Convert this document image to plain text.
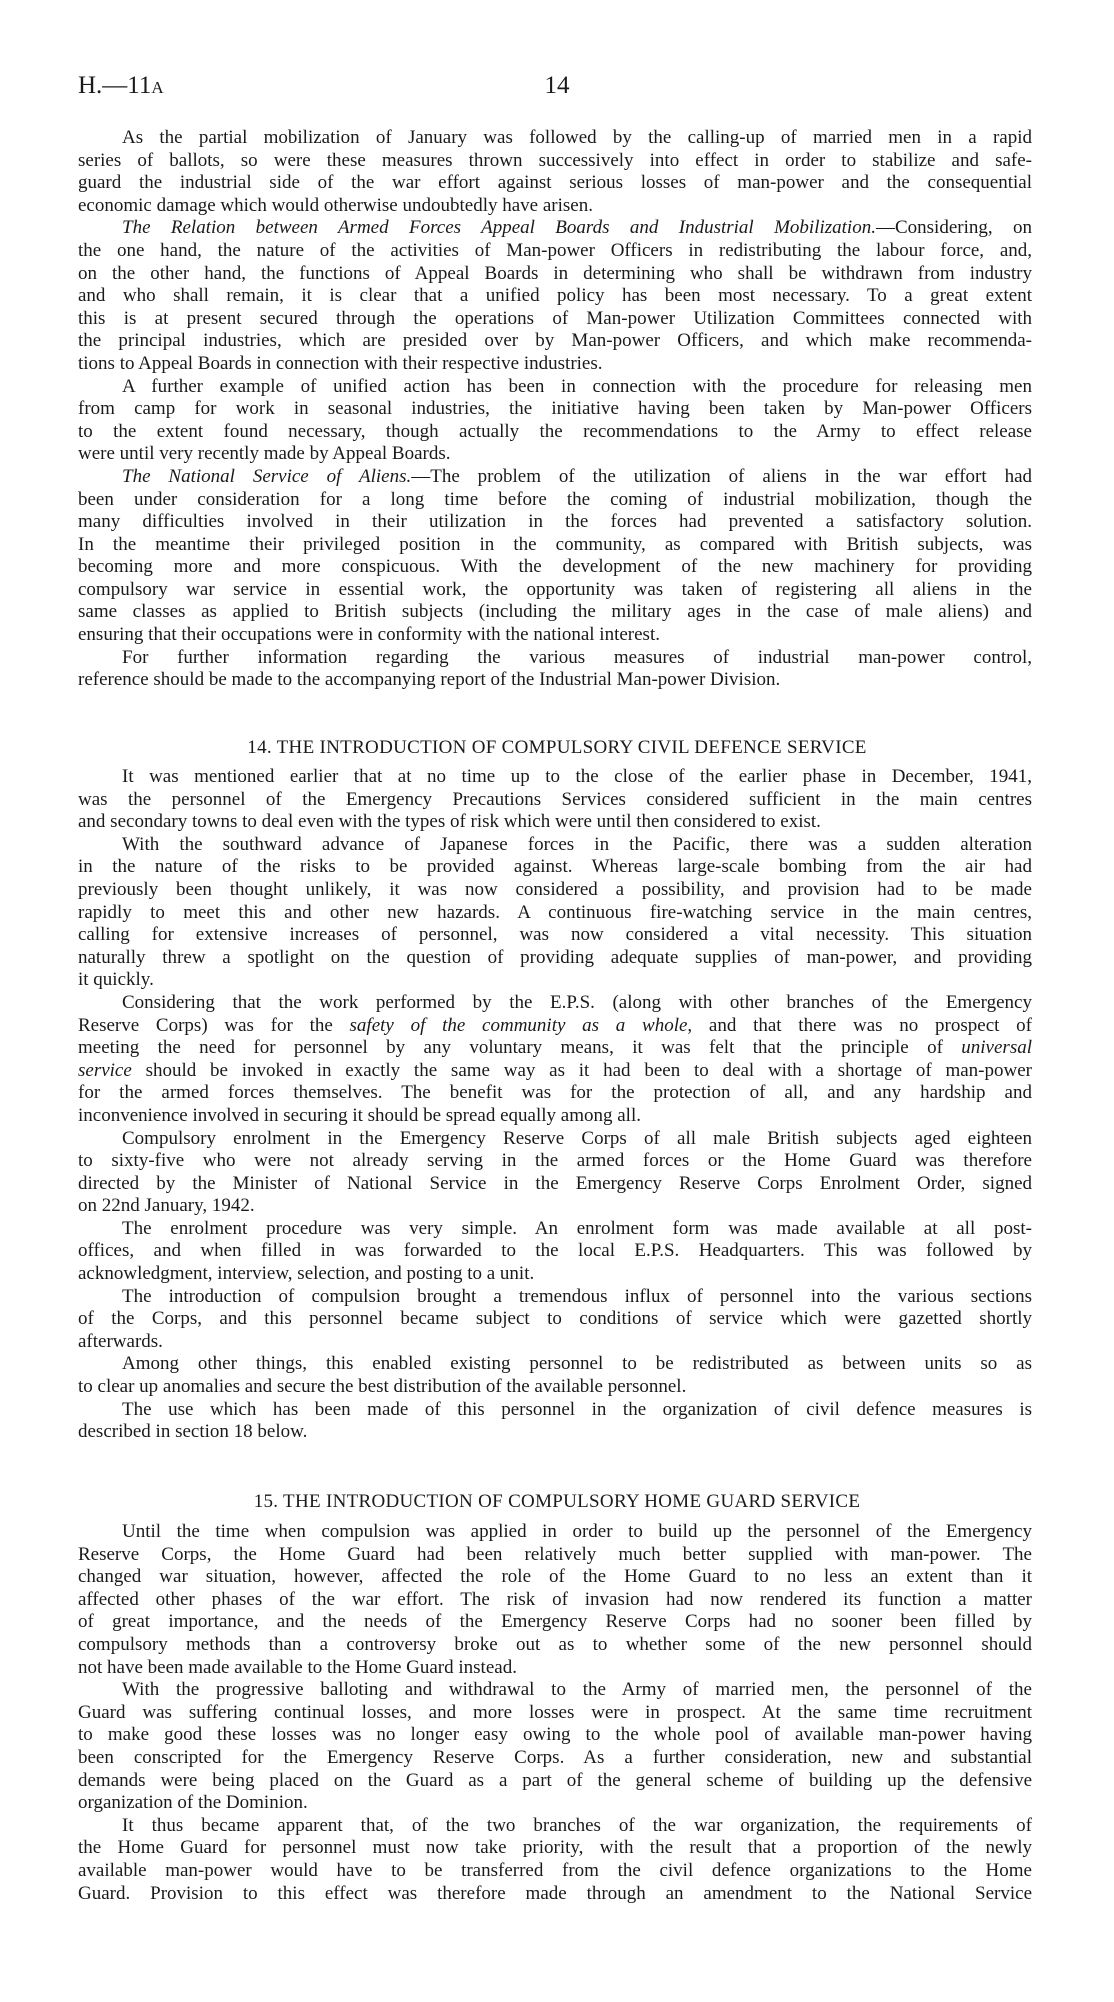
H.—11A	14
As the partial mobilization of January was followed by the calling-up of married men in a rapid
series of ballots, so were these measures thrown successively into effect in order to stabilize and safe-
guard the industrial side of the war effort against serious losses of man-power and the consequential
economic damage which would otherwise undoubtedly have arisen.
The Relation between Armed Forces Appeal Boards and Industrial Mobilization.—Considering, on
the one hand, the nature of the activities of Man-power Officers in redistributing the labour force, and,
on the other hand, the functions of Appeal Boards in determining who shall be withdrawn from industry
and who shall remain, it is clear that a unified policy has been most necessary. To a great extent
this is at present secured through the operations of Man-power Utilization Committees connected with
the principal industries, which are presided over by Man-power Officers, and which make recommenda-
tions to Appeal Boards in connection with their respective industries.
A further example of unified action has been in connection with the procedure for releasing men
from camp for work in seasonal industries, the initiative having been taken by Man-power Officers
to the extent found necessary, though actually the recommendations to the Army to effect release
were until very recently made by Appeal Boards.
The National Service of Aliens.—The problem of the utilization of aliens in the war effort had
been under consideration for a long time before the coming of industrial mobilization, though the
many difficulties involved in their utilization in the forces had prevented a satisfactory solution.
In the meantime their privileged position in the community, as compared with British subjects, was
becoming more and more conspicuous. With the development of the new machinery for providing
compulsory war service in essential work, the opportunity was taken of registering all aliens in the
same classes as applied to British subjects (including the military ages in the case of male aliens) and
ensuring that their occupations were in conformity with the national interest.
For further information regarding the various measures of industrial man-power control,
reference should be made to the accompanying report of the Industrial Man-power Division.
14. THE INTRODUCTION OF COMPULSORY CIVIL DEFENCE SERVICE
It was mentioned earlier that at no time up to the close of the earlier phase in December, 1941,
was the personnel of the Emergency Precautions Services considered sufficient in the main centres
and secondary towns to deal even with the types of risk which were until then considered to exist.
With the southward advance of Japanese forces in the Pacific, there was a sudden alteration
in the nature of the risks to be provided against. Whereas large-scale bombing from the air had
previously been thought unlikely, it was now considered a possibility, and provision had to be made
rapidly to meet this and other new hazards. A continuous fire-watching service in the main centres,
calling for extensive increases of personnel, was now considered a vital necessity. This situation
naturally threw a spotlight on the question of providing adequate supplies of man-power, and providing
it quickly.
Considering that the work performed by the E.P.S. (along with other branches of the Emergency
Reserve Corps) was for the safety of the community as a whole, and that there was no prospect of
meeting the need for personnel by any voluntary means, it was felt that the principle of universal
service should be invoked in exactly the same way as it had been to deal with a shortage of man-power
for the armed forces themselves. The benefit was for the protection of all, and any hardship and
inconvenience involved in securing it should be spread equally among all.
Compulsory enrolment in the Emergency Reserve Corps of all male British subjects aged eighteen
to sixty-five who were not already serving in the armed forces or the Home Guard was therefore
directed by the Minister of National Service in the Emergency Reserve Corps Enrolment Order, signed
on 22nd January, 1942.
The enrolment procedure was very simple. An enrolment form was made available at all post-
offices, and when filled in was forwarded to the local E.P.S. Headquarters. This was followed by
acknowledgment, interview, selection, and posting to a unit.
The introduction of compulsion brought a tremendous influx of personnel into the various sections
of the Corps, and this personnel became subject to conditions of service which were gazetted shortly
afterwards.
Among other things, this enabled existing personnel to be redistributed as between units so as
to clear up anomalies and secure the best distribution of the available personnel.
The use which has been made of this personnel in the organization of civil defence measures is
described in section 18 below.
15. THE INTRODUCTION OF COMPULSORY HOME GUARD SERVICE
Until the time when compulsion was applied in order to build up the personnel of the Emergency
Reserve Corps, the Home Guard had been relatively much better supplied with man-power. The
changed war situation, however, affected the role of the Home Guard to no less an extent than it
affected other phases of the war effort. The risk of invasion had now rendered its function a matter
of great importance, and the needs of the Emergency Reserve Corps had no sooner been filled by
compulsory methods than a controversy broke out as to whether some of the new personnel should
not have been made available to the Home Guard instead.
With the progressive balloting and withdrawal to the Army of married men, the personnel of the
Guard was suffering continual losses, and more losses were in prospect. At the same time recruitment
to make good these losses was no longer easy owing to the whole pool of available man-power having
been conscripted for the Emergency Reserve Corps. As a further consideration, new and substantial
demands were being placed on the Guard as a part of the general scheme of building up the defensive
organization of the Dominion.
It thus became apparent that, of the two branches of the war organization, the requirements of
the Home Guard for personnel must now take priority, with the result that a proportion of the newly
available man-power would have to be transferred from the civil defence organizations to the Home
Guard. Provision to this effect was therefore made through an amendment to the National Service
